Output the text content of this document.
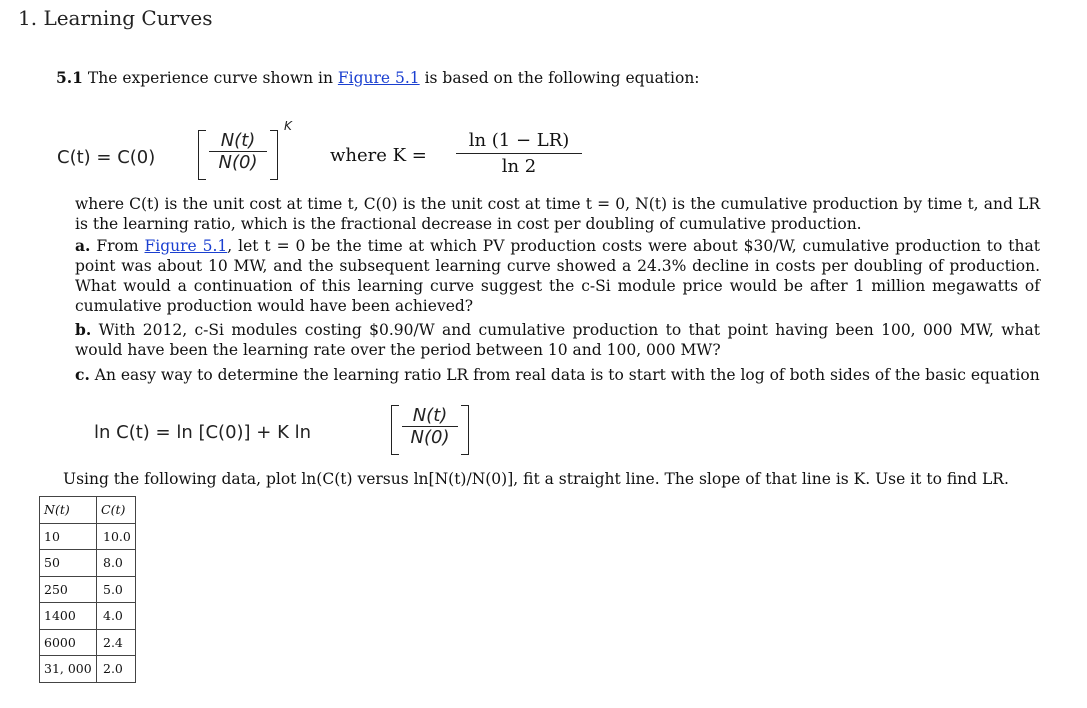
1. Learning Curves
5.1 The experience curve shown in Figure 5.1 is based on the following equation:
C(t) = C(0)
N(t)
N(0)
K
where $K = \frac{\ln (1 - LR)}{\ln 2}$
where C(t) is the unit cost at time t, C(0) is the unit cost at time t = 0, N(t) is the cumulative production by time t, and LR is the learning ratio, which is the fractional decrease in cost per doubling of cumulative production.
a. From Figure 5.1, let t = 0 be the time at which PV production costs were about $30/W, cumulative production to that point was about 10 MW, and the subsequent learning curve showed a 24.3% decline in costs per doubling of production. What would a continuation of this learning curve suggest the c-Si module price would be after 1 million megawatts of cumulative production would have been achieved?
b. With 2012, c-Si modules costing $0.90/W and cumulative production to that point having been 100, 000 MW, what would have been the learning rate over the period between 10 and 100, 000 MW?
c. An easy way to determine the learning ratio LR from real data is to start with the log of both sides of the basic equation
ln C(t) = ln [C(0)] + K ln
N(t)
N(0)
Using the following data, plot ln(C(t) versus ln[N(t)/N(0)], fit a straight line. The slope of that line is K. Use it to find LR.
N(t)	C(t)
10	10.0
50	8.0
250	5.0
1400	4.0
6000	2.4
31, 000	2.0
